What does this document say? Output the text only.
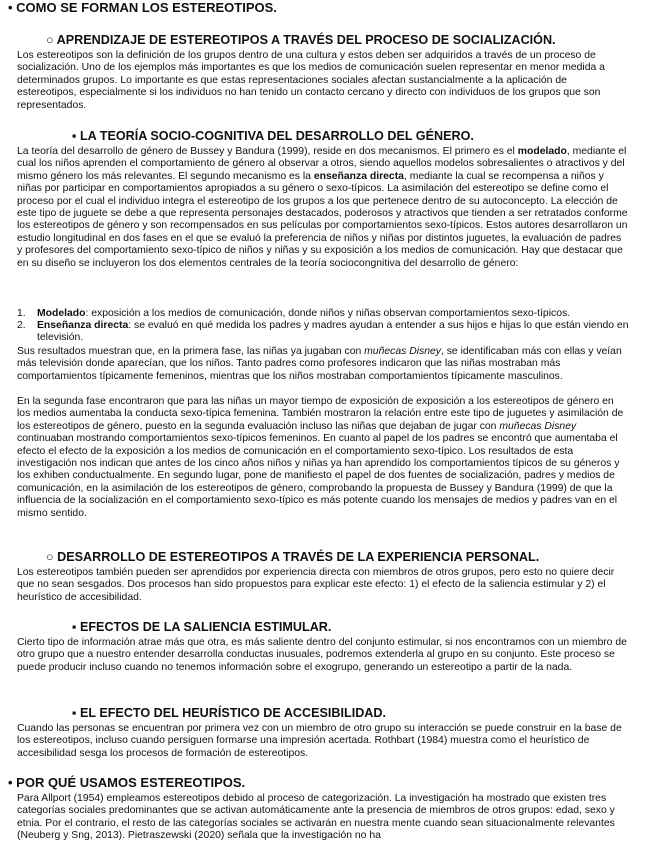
• COMO SE FORMAN LOS ESTEREOTIPOS.
○ APRENDIZAJE DE ESTEREOTIPOS A TRAVÉS DEL PROCESO DE SOCIALIZACIÓN.

Los estereotipos son la definición de los grupos dentro de una cultura y estos deben ser adquiridos a través de un proceso de socialización. Uno de los ejemplos más importantes es que los medios de comunicación suelen representar en menor medida a determinados grupos. Lo importante es que estas representaciones sociales afectan sustancialmente a la aplicación de estereotipos, especialmente si los individuos no han tenido un contacto cercano y directo con individuos de los grupos que son representados.

▪ LA TEORÍA SOCIO-COGNITIVA DEL DESARROLLO DEL GÉNERO.

La teoría del desarrollo de género de Bussey y Bandura (1999), reside en dos mecanismos. El primero es el modelado, mediante el cual los niños aprenden el comportamiento de género al observar a otros, siendo aquellos modelos sobresalientes o atractivos y del mismo género los más relevantes. El segundo mecanismo es la enseñanza directa, mediante la cual se recompensa a niños y niñas por participar en comportamientos apropiados a su género o sexo-típicos. La asimilación del estereotipo se define como el proceso por el cual el individuo integra el estereotipo de los grupos a los que pertenece dentro de su autoconcepto. La elección de este tipo de juguete se debe a que representa personajes destacados, poderosos y atractivos que tienden a ser retratados conforme los estereotipos de género y son recompensados en sus películas por comportamientos sexo-típicos. Estos autores desarrollaron un estudio longitudinal en dos fases en el que se evaluó la preferencia de niños y niñas por distintos juguetes, la evaluación de padres y profesores del comportamiento sexo-típico de niños y niñas y su exposición a los medios de comunicación. Hay que destacar que en su diseño se incluyeron los dos elementos centrales de la teoría sociocongnitiva del desarrollo de género:

1.	Modelado: exposición a los medios de comunicación, donde niños y niñas observan comportamientos sexo-típicos.
2.	Enseñanza directa: se evaluó en qué medida los padres y madres ayudan a entender a sus hijos e hijas lo que están viendo en televisión.

Sus resultados muestran que, en la primera fase, las niñas ya jugaban con muñecas Disney, se identificaban más con ellas y veían más televisión donde aparecían, que los niños. Tanto padres como profesores indicaron que las niñas mostraban más comportamientos típicamente femeninos, mientras que los niños mostraban comportamientos típicamente masculinos.

En la segunda fase encontraron que para las niñas un mayor tiempo de exposición de exposición a los estereotipos de género en los medios aumentaba la conducta sexo-típica femenina. También mostraron la relación entre este tipo de juguetes y asimilación de los estereotipos de género, puesto en la segunda evaluación incluso las niñas que dejaban de jugar con muñecas Disney continuaban mostrando comportamientos sexo-típicos femeninos. En cuanto al papel de los padres se encontró que aumentaba el efecto el efecto de la exposición a los medios de comunicación en el comportamiento sexo-típico. Los resultados de esta investigación nos indican que antes de los cinco años niños y niñas ya han aprendido los comportamientos típicos de su géneros y los exhiben conductualmente. En segundo lugar, pone de manifiesto el papel de dos fuentes de socialización, padres y medios de comunicación, en la asimilación de los estereotipos de género, comprobando la propuesta de Bussey y Bandura (1999) de que la influencia de la socialización en el comportamiento sexo-típico es más potente cuando los mensajes de medios y padres van en el mismo sentido.

○ DESARROLLO DE ESTEREOTIPOS A TRAVÉS DE LA EXPERIENCIA PERSONAL.

Los estereotipos también pueden ser aprendidos por experiencia directa con miembros de otros grupos, pero esto no quiere decir que no sean sesgados. Dos procesos han sido propuestos para explicar este efecto: 1) el efecto de la saliencia estimular y 2) el heurístico de accesibilidad.

▪ EFECTOS DE LA SALIENCIA ESTIMULAR.

Cierto tipo de información atrae más que otra, es más saliente dentro del conjunto estimular, si nos encontramos con un miembro de otro grupo que a nuestro entender desarrolla conductas inusuales, podremos extenderla al grupo en su conjunto. Este proceso se puede producir incluso cuando no tenemos información sobre el exogrupo, generando un estereotipo a partir de la nada.

▪ EL EFECTO DEL HEURÍSTICO DE ACCESIBILIDAD.

Cuando las personas se encuentran por primera vez con un miembro de otro grupo su interacción se puede construir en la base de los estereotipos, incluso cuando persiguen formarse una impresión acertada. Rothbart (1984) muestra como el heurístico de accesibilidad sesga los procesos de formación de estereotipos.

• POR QUÉ USAMOS ESTEREOTIPOS.

Para Allport (1954) empleamos estereotipos debido al proceso de categorización. La investigación ha mostrado que existen tres categorías sociales predominantes que se activan automáticamente ante la presencia de miembros de otros grupos: edad, sexo y etnia. Por el contrario, el resto de las categorías sociales se activarán en nuestra mente cuando sean situacionalmente relevantes (Neuberg y Sng, 2013). Pietraszewski (2020) señala que la investigación no ha
